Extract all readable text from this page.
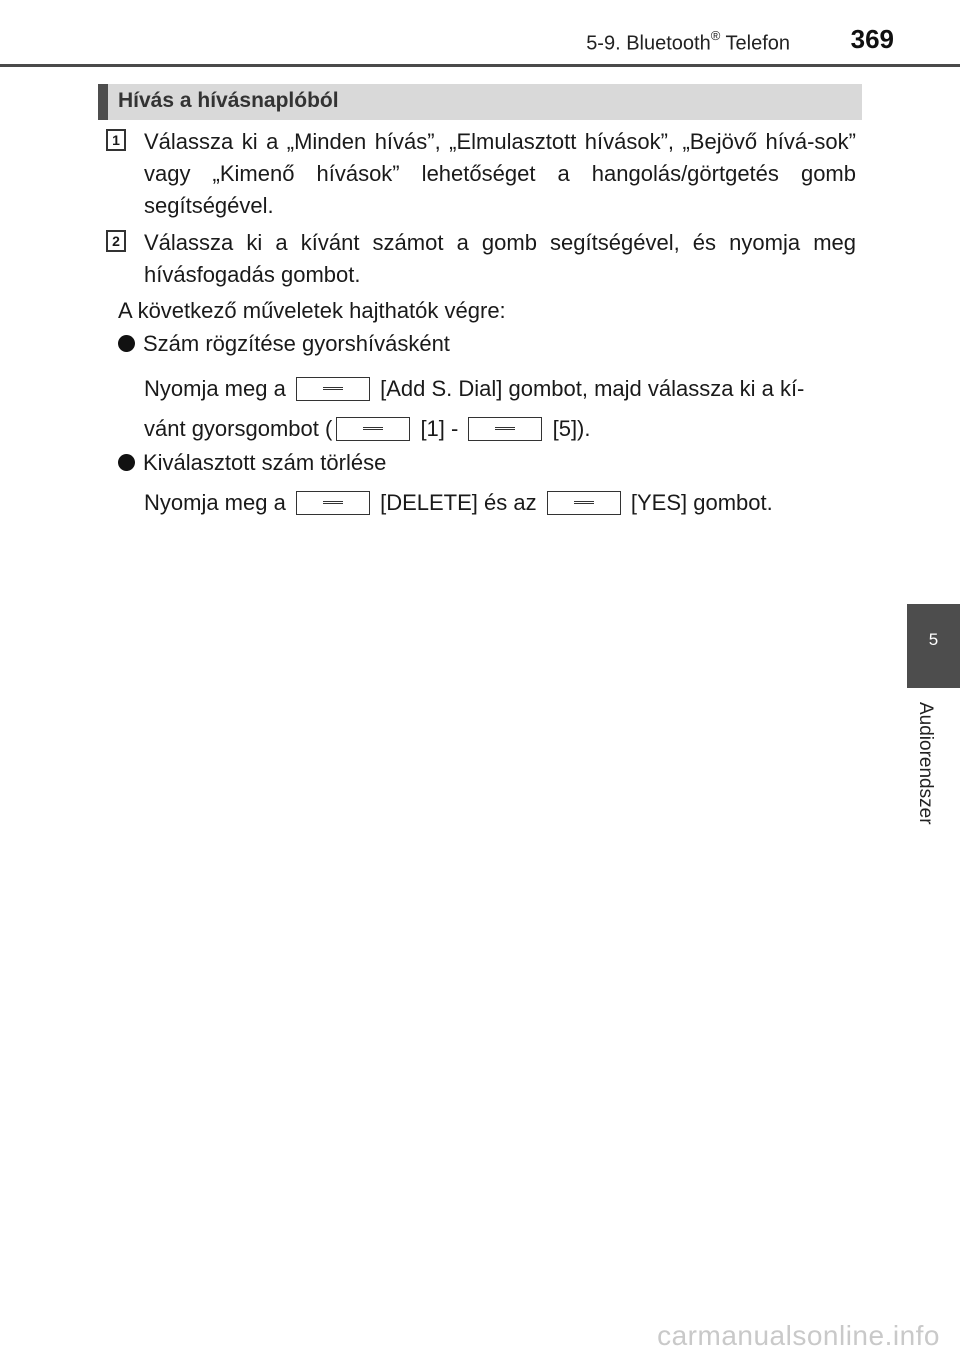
5-9. Bluetooth® Telefon 369
Hívás a hívásnaplóból
1 Válassza ki a „Minden hívás”, „Elmulasztott hívások”, „Bejövő hívá-sok” vagy „Kimenő hívások” lehetőséget a hangolás/görtgetés gomb segítségével.
2 Válassza ki a kívánt számot a gomb segítségével, és nyomja meg hívásfogadás gombot.
A következő műveletek hajthatók végre:
Szám rögzítése gyorshívásként
Nyomja meg a	[Add S. Dial] gombot, majd válassza ki a kí-
vánt gyorsgombot (	[1] -	[5]).
Kiválasztott szám törlése
Nyomja meg a	[DELETE] és az	[YES] gombot.
5
Audiorendszer
carmanualsonline.info
